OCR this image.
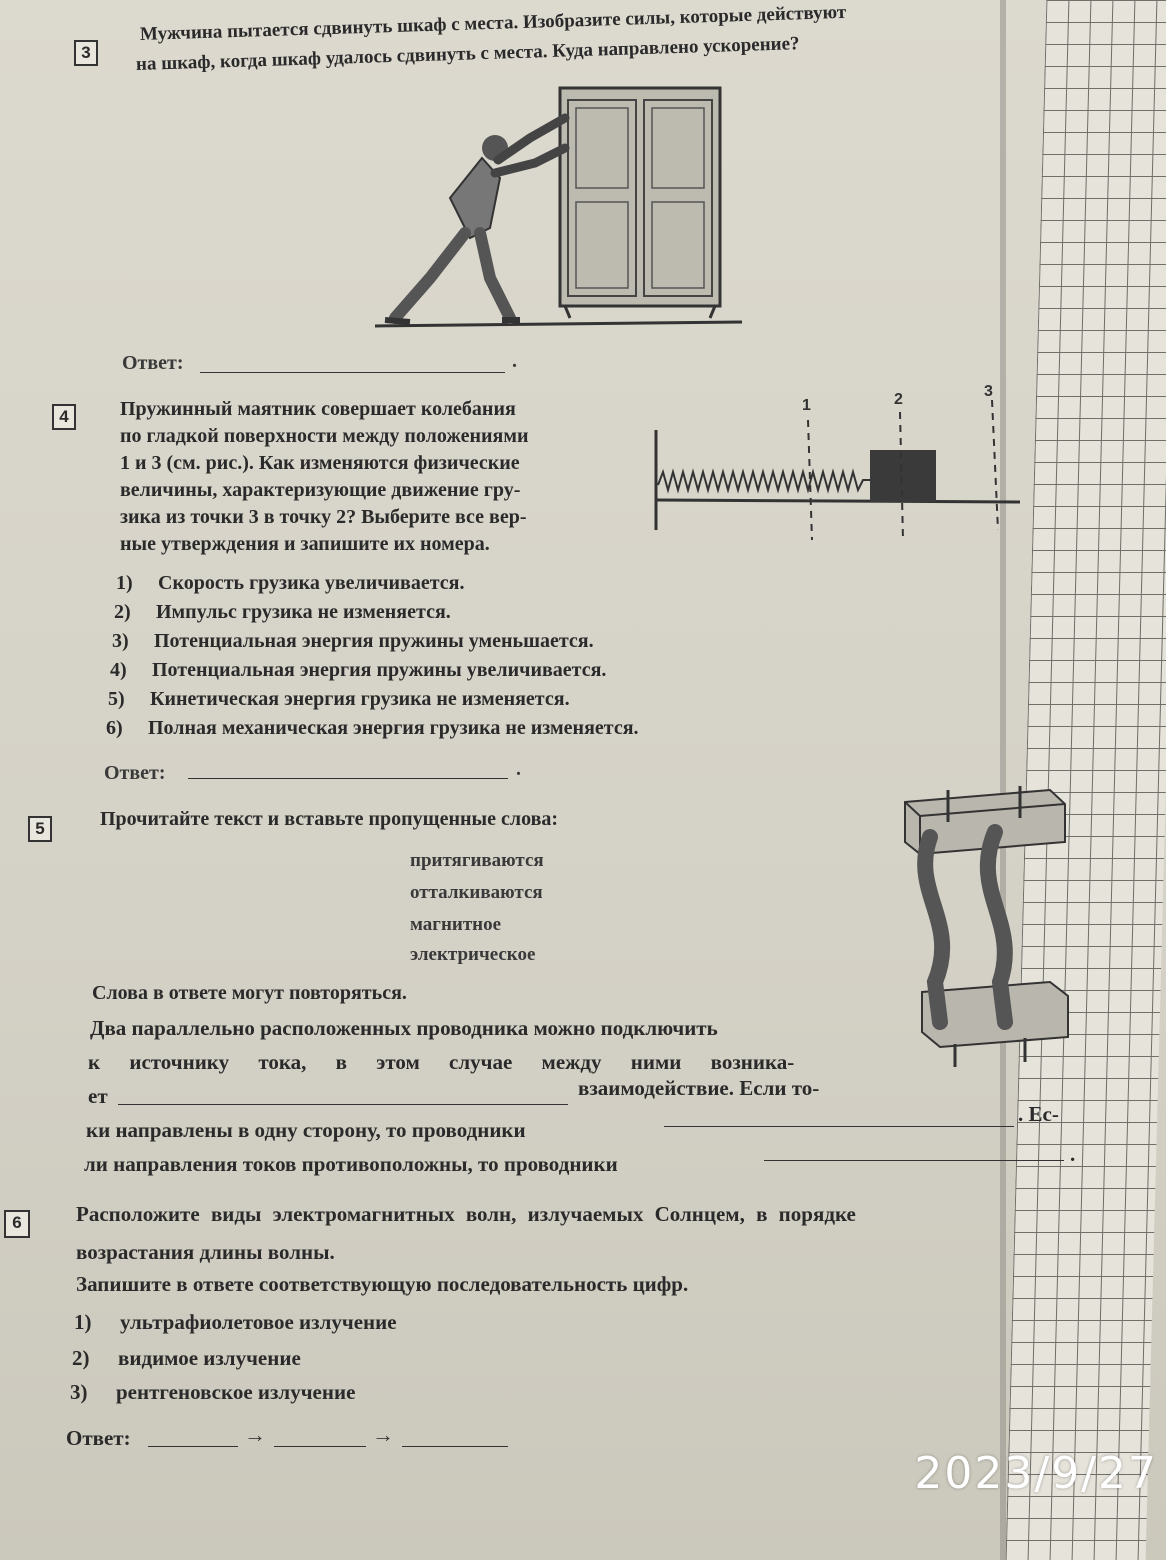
3
Мужчина пытается сдвинуть шкаф с места. Изобразите силы, которые действуют
на шкаф, когда шкаф удалось сдвинуть с места. Куда направлено ускорение?
Ответ:	.
4	Пружинный маятник совершает колебания
по гладкой поверхности между положениями
1 и 3 (см. рис.). Как изменяются физические
величины, характеризующие движение гру-
зика из точки 3 в точку 2? Выберите все вер-
ные утверждения и запишите их номера.
1	2	3
1) Скорость грузика увеличивается.
2) Импульс грузика не изменяется.
3) Потенциальная энергия пружины уменьшается.
4) Потенциальная энергия пружины увеличивается.
5) Кинетическая энергия грузика не изменяется.
6) Полная механическая энергия грузика не изменяется.
Ответ:	.
5	Прочитайте текст и вставьте пропущенные слова:
притягиваются
отталкиваются
магнитное
электрическое
Слова в ответе могут повторяться.
Два параллельно расположенных проводника можно подключить
к источнику тока, в этом случае между ними возника-
ет	взаимодействие. Если то-
ки направлены в одну сторону, то проводники
. Ес-
ли направления токов противоположны, то проводники	.
6	Расположите виды электромагнитных волн, излучаемых Солнцем, в порядке
возрастания длины волны.
Запишите в ответе соответствующую последовательность цифр.
1) ультрафиолетовое излучение
2) видимое излучение
3) рентгеновское излучение
Ответ:	→	→
2023/9/27
